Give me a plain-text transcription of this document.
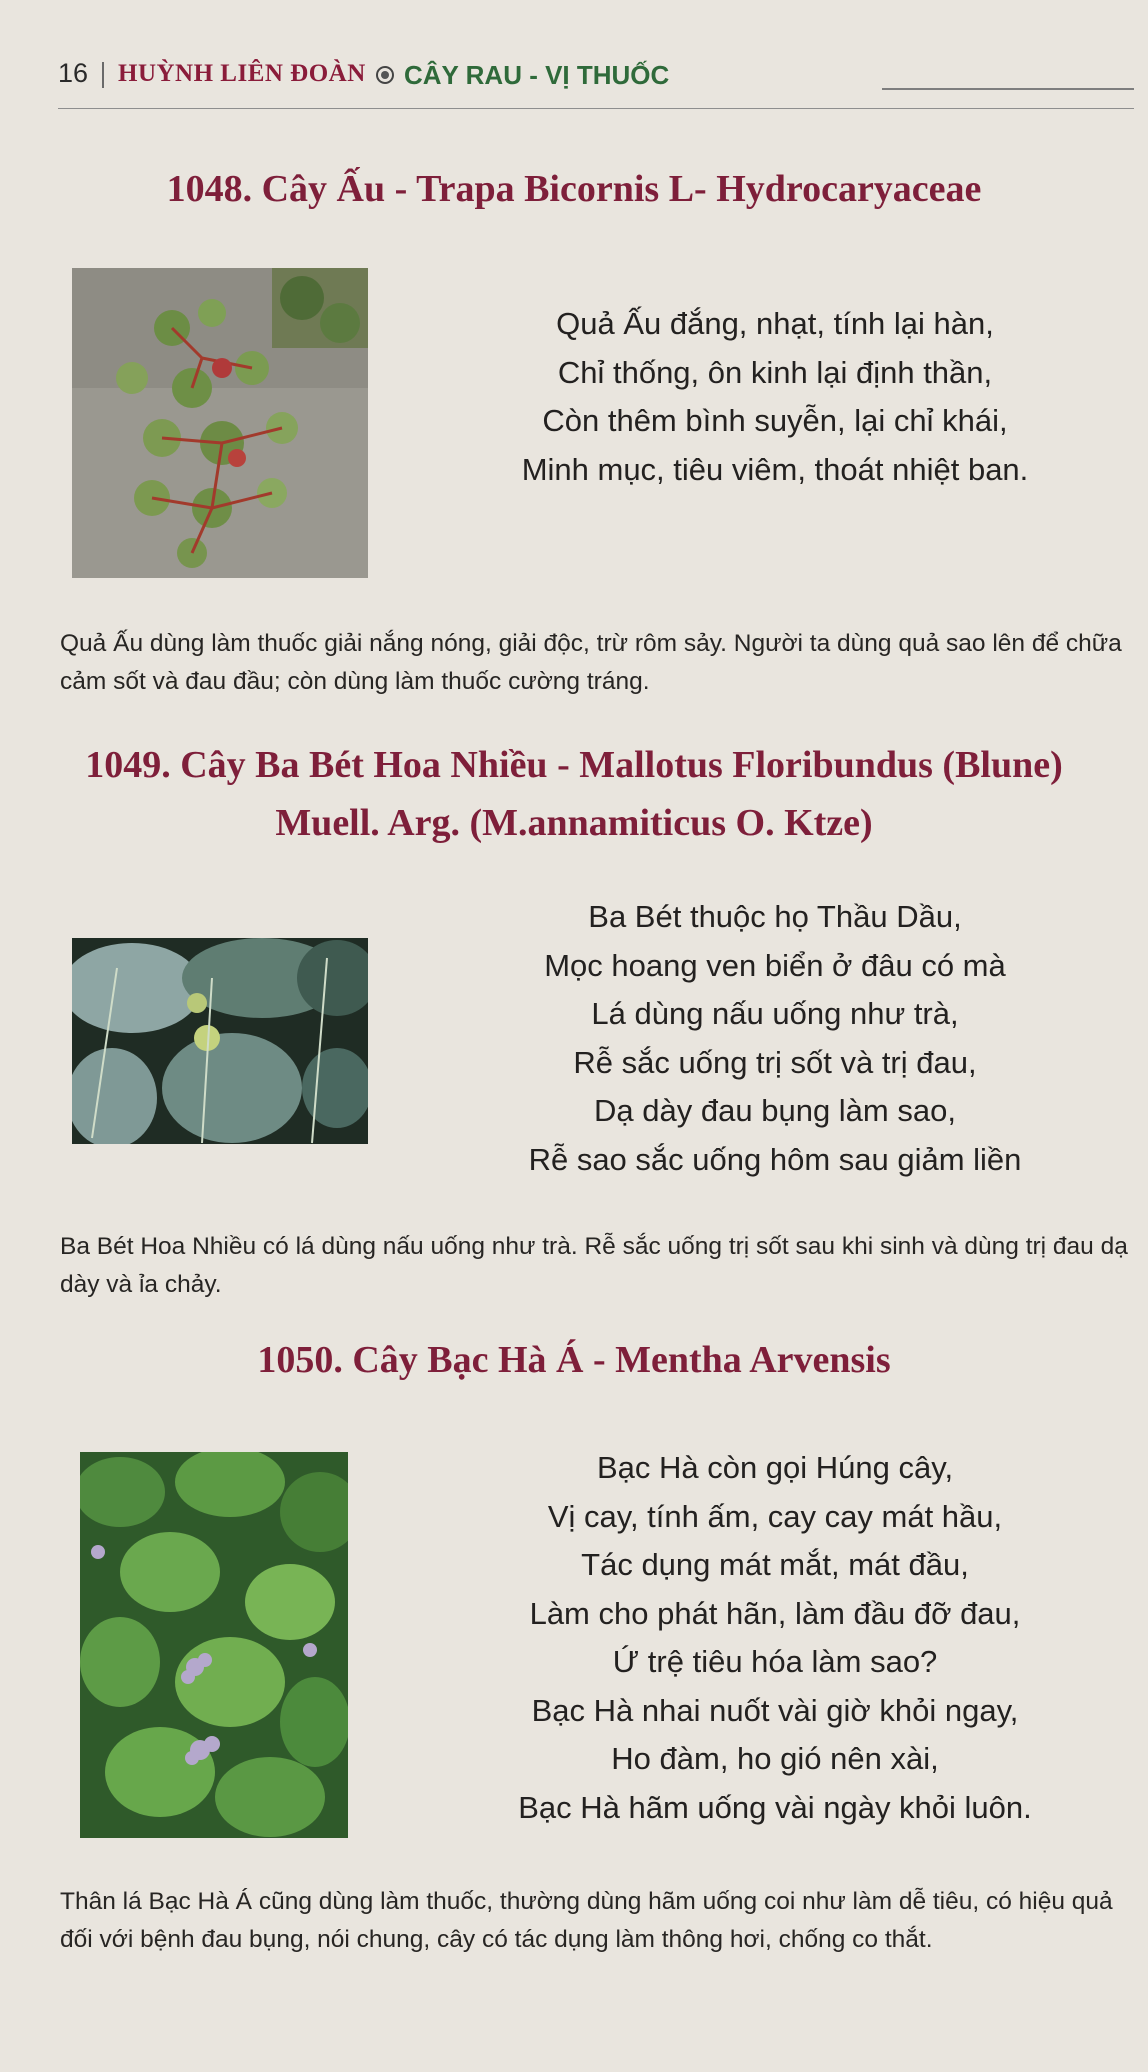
16 HUỲNH LIÊN ĐOÀN CÂY RAU - VỊ THUỐC
1048. Cây Ấu - Trapa Bicornis L- Hydrocaryaceae
Quả Ấu đắng, nhạt, tính lại hàn,
Chỉ thống, ôn kinh lại định thần,
Còn thêm bình suyễn, lại chỉ khái,
Minh mục, tiêu viêm, thoát nhiệt ban.
Quả Ấu dùng làm thuốc giải nắng nóng, giải độc, trừ rôm sảy. Người ta dùng quả sao lên để chữa cảm sốt và đau đầu; còn dùng làm thuốc cường tráng.
1049. Cây Ba Bét Hoa Nhiều - Mallotus Floribundus (Blune)
Muell. Arg. (M.annamiticus O. Ktze)
Ba Bét thuộc họ Thầu Dầu,
Mọc hoang ven biển ở đâu có mà
Lá dùng nấu uống như trà,
Rễ sắc uống trị sốt và trị đau,
Dạ dày đau bụng làm sao,
Rễ sao sắc uống hôm sau giảm liền
Ba Bét Hoa Nhiều có lá dùng nấu uống như trà. Rễ sắc uống trị sốt sau khi sinh và dùng trị đau dạ dày và ỉa chảy.
1050. Cây Bạc Hà Á - Mentha Arvensis
Bạc Hà còn gọi Húng cây,
Vị cay, tính ấm, cay cay mát hầu,
Tác dụng mát mắt, mát đầu,
Làm cho phát hãn, làm đầu đỡ đau,
Ứ trệ tiêu hóa làm sao?
Bạc Hà nhai nuốt vài giờ khỏi ngay,
Ho đàm, ho gió nên xài,
Bạc Hà hãm uống vài ngày khỏi luôn.
Thân lá Bạc Hà Á cũng dùng làm thuốc, thường dùng hãm uống coi như làm dễ tiêu, có hiệu quả đối với bệnh đau bụng, nói chung, cây có tác dụng làm thông hơi, chống co thắt.
